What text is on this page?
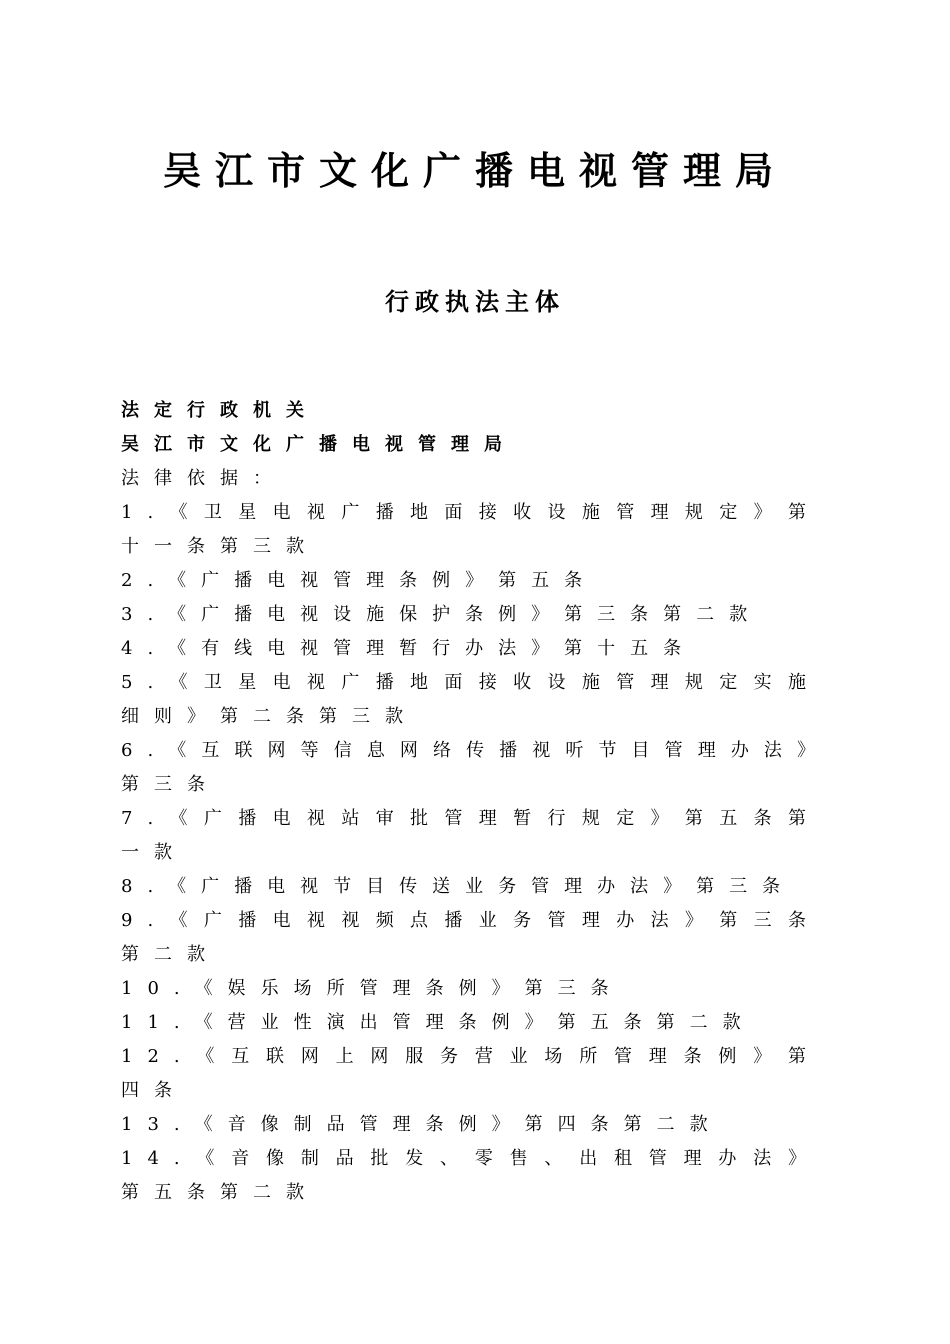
吴江市文化广播电视管理局
行政执法主体
法定行政机关
吴江市文化广播电视管理局
法律依据：
1.《卫星电视广播地面接收设施管理规定》第十一条第三款
2.《广播电视管理条例》第五条
3.《广播电视设施保护条例》第三条第二款
4.《有线电视管理暂行办法》第十五条
5.《卫星电视广播地面接收设施管理规定实施细则》第二条第三款
6.《互联网等信息网络传播视听节目管理办法》第三条
7.《广播电视站审批管理暂行规定》第五条第一款
8.《广播电视节目传送业务管理办法》第三条
9.《广播电视视频点播业务管理办法》第三条第二款
10.《娱乐场所管理条例》第三条
11.《营业性演出管理条例》第五条第二款
12.《互联网上网服务营业场所管理条例》第四条
13.《音像制品管理条例》第四条第二款
14.《音像制品批发、零售、出租管理办法》第五条第二款
